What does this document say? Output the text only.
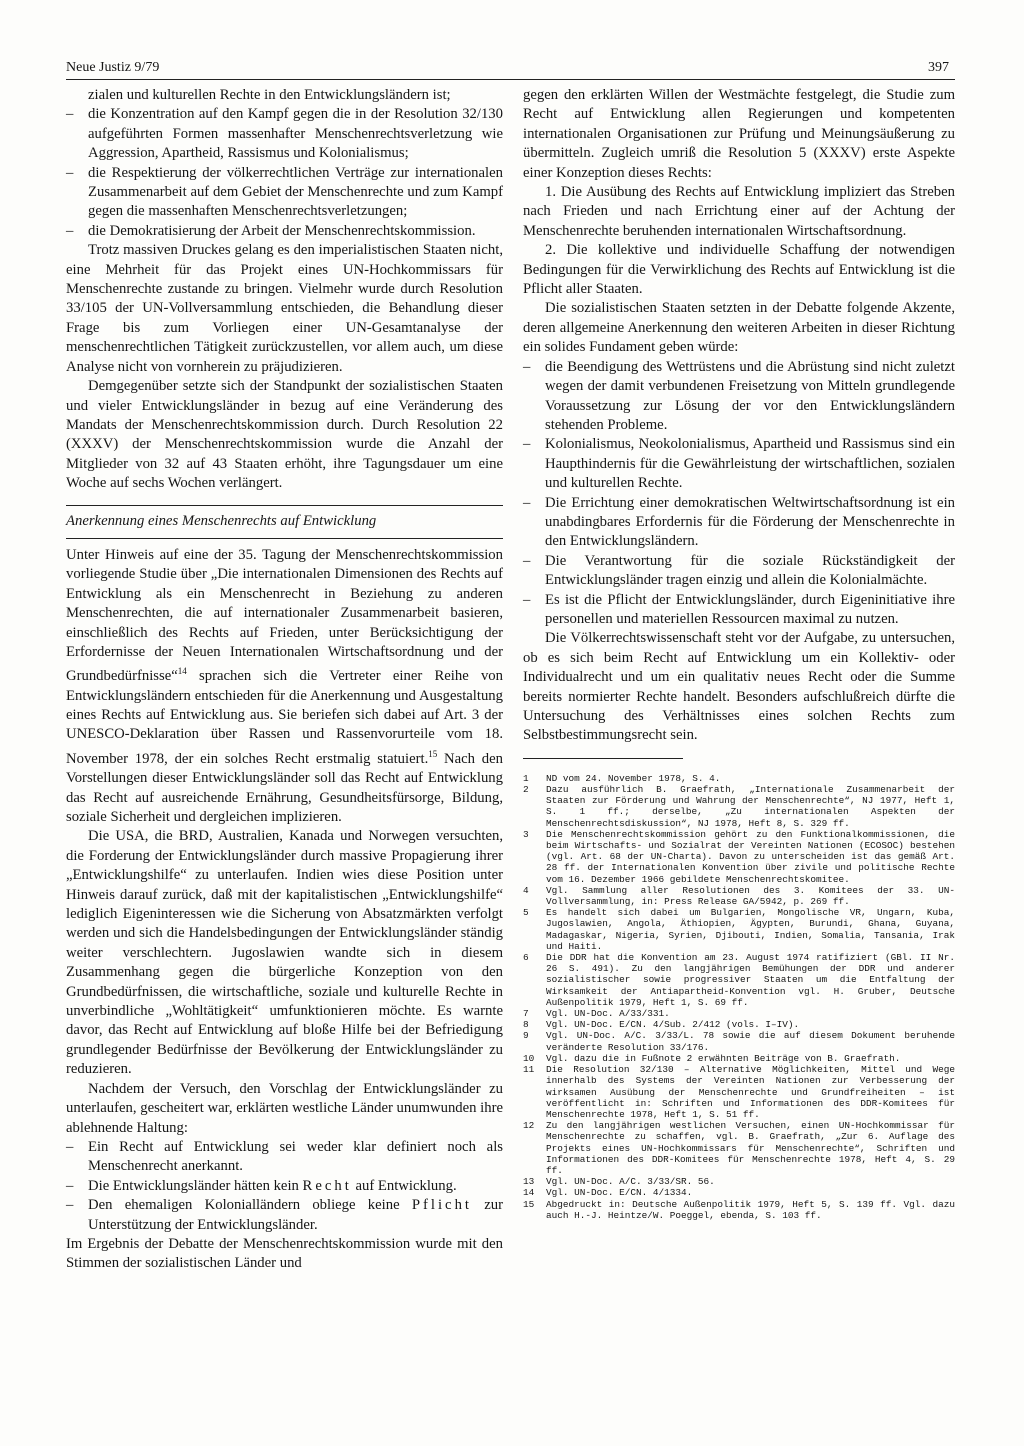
Neue Justiz 9/79	397

zialen und kulturellen Rechte in den Entwicklungsländern ist;

– die Konzentration auf den Kampf gegen die in der Resolution 32/130 aufgeführten Formen massenhafter Menschenrechtsverletzung wie Aggression, Apartheid, Rassismus und Kolonialismus;
– die Respektierung der völkerrechtlichen Verträge zur internationalen Zusammenarbeit auf dem Gebiet der Menschenrechte und zum Kampf gegen die massenhaften Menschenrechtsverletzungen;
– die Demokratisierung der Arbeit der Menschenrechtskommission.

Trotz massiven Druckes gelang es den imperialistischen Staaten nicht, eine Mehrheit für das Projekt eines UN-Hochkommissars für Menschenrechte zustande zu bringen. Vielmehr wurde durch Resolution 33/105 der UN-Vollversammlung entschieden, die Behandlung dieser Frage bis zum Vorliegen einer UN-Gesamtanalyse der menschenrechtlichen Tätigkeit zurückzustellen, vor allem auch, um diese Analyse nicht von vornherein zu präjudizieren.

Demgegenüber setzte sich der Standpunkt der sozialistischen Staaten und vieler Entwicklungsländer in bezug auf eine Veränderung des Mandats der Menschenrechtskommission durch. Durch Resolution 22 (XXXV) der Menschenrechtskommission wurde die Anzahl der Mitglieder von 32 auf 43 Staaten erhöht, ihre Tagungsdauer um eine Woche auf sechs Wochen verlängert.

Anerkennung eines Menschenrechts auf Entwicklung

Unter Hinweis auf eine der 35. Tagung der Menschenrechtskommission vorliegende Studie über „Die internationalen Dimensionen des Rechts auf Entwicklung als ein Menschenrecht in Beziehung zu anderen Menschenrechten, die auf internationaler Zusammenarbeit basieren, einschließlich des Rechts auf Frieden, unter Berücksichtigung der Erfordernisse der Neuen Internationalen Wirtschaftsordnung und der Grundbedürfnisse“$^{14}$ sprachen sich die Vertreter einer Reihe von Entwicklungsländern entschieden für die Anerkennung und Ausgestaltung eines Rechts auf Entwicklung aus. Sie beriefen sich dabei auf Art. 3 der UNESCO-Deklaration über Rassen und Rassenvorurteile vom 18. November 1978, der ein solches Recht erstmalig statuiert.$^{15}$ Nach den Vorstellungen dieser Entwicklungsländer soll das Recht auf Entwicklung das Recht auf ausreichende Ernährung, Gesundheitsfürsorge, Bildung, soziale Sicherheit und dergleichen implizieren.

Die USA, die BRD, Australien, Kanada und Norwegen versuchten, die Forderung der Entwicklungsländer durch massive Propagierung ihrer „Entwicklungshilfe“ zu unterlaufen. Indien wies diese Position unter Hinweis darauf zurück, daß mit der kapitalistischen „Entwicklungshilfe“ lediglich Eigeninteressen wie die Sicherung von Absatzmärkten verfolgt werden und sich die Handelsbedingungen der Entwicklungsländer ständig weiter verschlechtern. Jugoslawien wandte sich in diesem Zusammenhang gegen die bürgerliche Konzeption von den Grundbedürfnissen, die wirtschaftliche, soziale und kulturelle Rechte in unverbindliche „Wohltätigkeit“ umfunktionieren möchte. Es warnte davor, das Recht auf Entwicklung auf bloße Hilfe bei der Befriedigung grundlegender Bedürfnisse der Bevölkerung der Entwicklungsländer zu reduzieren.

Nachdem der Versuch, den Vorschlag der Entwicklungsländer zu unterlaufen, gescheitert war, erklärten westliche Länder unumwunden ihre ablehnende Haltung:

– Ein Recht auf Entwicklung sei weder klar definiert noch als Menschenrecht anerkannt.
– Die Entwicklungsländer hätten kein Recht auf Entwicklung.
– Den ehemaligen Kolonialländern obliege keine Pflicht zur Unterstützung der Entwicklungsländer.

Im Ergebnis der Debatte der Menschenrechtskommission wurde mit den Stimmen der sozialistischen Länder und

gegen den erklärten Willen der Westmächte festgelegt, die Studie zum Recht auf Entwicklung allen Regierungen und kompetenten internationalen Organisationen zur Prüfung und Meinungsäußerung zu übermitteln. Zugleich umriß die Resolution 5 (XXXV) erste Aspekte einer Konzeption dieses Rechts:

1. Die Ausübung des Rechts auf Entwicklung impliziert das Streben nach Frieden und nach Errichtung einer auf der Achtung der Menschenrechte beruhenden internationalen Wirtschaftsordnung.

2. Die kollektive und individuelle Schaffung der notwendigen Bedingungen für die Verwirklichung des Rechts auf Entwicklung ist die Pflicht aller Staaten.

Die sozialistischen Staaten setzten in der Debatte folgende Akzente, deren allgemeine Anerkennung den weiteren Arbeiten in dieser Richtung ein solides Fundament geben würde:

– die Beendigung des Wettrüstens und die Abrüstung sind nicht zuletzt wegen der damit verbundenen Freisetzung von Mitteln grundlegende Voraussetzung zur Lösung der vor den Entwicklungsländern stehenden Probleme.
– Kolonialismus, Neokolonialismus, Apartheid und Rassismus sind ein Haupthindernis für die Gewährleistung der wirtschaftlichen, sozialen und kulturellen Rechte.
– Die Errichtung einer demokratischen Weltwirtschaftsordnung ist ein unabdingbares Erfordernis für die Förderung der Menschenrechte in den Entwicklungsländern.
– Die Verantwortung für die soziale Rückständigkeit der Entwicklungsländer tragen einzig und allein die Kolonialmächte.
– Es ist die Pflicht der Entwicklungsländer, durch Eigeninitiative ihre personellen und materiellen Ressourcen maximal zu nutzen.

Die Völkerrechtswissenschaft steht vor der Aufgabe, zu untersuchen, ob es sich beim Recht auf Entwicklung um ein Kollektiv- oder Individualrecht und um ein qualitativ neues Recht oder die Summe bereits normierter Rechte handelt. Besonders aufschlußreich dürfte die Untersuchung des Verhältnisses eines solchen Rechts zum Selbstbestimmungsrecht sein.

1	ND vom 24. November 1978, S. 4.
2	Dazu ausführlich B. Graefrath, „Internationale Zusammenarbeit der Staaten zur Förderung und Wahrung der Menschenrechte“, NJ 1977, Heft 1, S. 1 ff.; derselbe, „Zu internationalen Aspekten der Menschenrechtsdiskussion“, NJ 1978, Heft 8, S. 329 ff.
3	Die Menschenrechtskommission gehört zu den Funktionalkommissionen, die beim Wirtschafts- und Sozialrat der Vereinten Nationen (ECOSOC) bestehen (vgl. Art. 68 der UN-Charta). Davon zu unterscheiden ist das gemäß Art. 28 ff. der Internationalen Konvention über zivile und politische Rechte vom 16. Dezember 1966 gebildete Menschenrechtskomitee.
4	Vgl. Sammlung aller Resolutionen des 3. Komitees der 33. UN-Vollversammlung, in: Press Release GA/5942, p. 269 ff.
5	Es handelt sich dabei um Bulgarien, Mongolische VR, Ungarn, Kuba, Jugoslawien, Angola, Äthiopien, Ägypten, Burundi, Ghana, Guyana, Madagaskar, Nigeria, Syrien, Djibouti, Indien, Somalia, Tansania, Irak und Haiti.
6	Die DDR hat die Konvention am 23. August 1974 ratifiziert (GBl. II Nr. 26 S. 491). Zu den langjährigen Bemühungen der DDR und anderer sozialistischer sowie progressiver Staaten um die Entfaltung der Wirksamkeit der Antiapartheid-Konvention vgl. H. Gruber, Deutsche Außenpolitik 1979, Heft 1, S. 69 ff.
7	Vgl. UN-Doc. A/33/331.
8	Vgl. UN-Doc. E/CN. 4/Sub. 2/412 (vols. I–IV).
9	Vgl. UN-Doc. A/C. 3/33/L. 78 sowie die auf diesem Dokument beruhende veränderte Resolution 33/176.
10	Vgl. dazu die in Fußnote 2 erwähnten Beiträge von B. Graefrath.
11	Die Resolution 32/130 – Alternative Möglichkeiten, Mittel und Wege innerhalb des Systems der Vereinten Nationen zur Verbesserung der wirksamen Ausübung der Menschenrechte und Grundfreiheiten – ist veröffentlicht in: Schriften und Informationen des DDR-Komitees für Menschenrechte 1978, Heft 1, S. 51 ff.
12	Zu den langjährigen westlichen Versuchen, einen UN-Hochkommissar für Menschenrechte zu schaffen, vgl. B. Graefrath, „Zur 6. Auflage des Projekts eines UN-Hochkommissars für Menschenrechte“, Schriften und Informationen des DDR-Komitees für Menschenrechte 1978, Heft 4, S. 29 ff.
13	Vgl. UN-Doc. A/C. 3/33/SR. 56.
14	Vgl. UN-Doc. E/CN. 4/1334.
15	Abgedruckt in: Deutsche Außenpolitik 1979, Heft 5, S. 139 ff. Vgl. dazu auch H.-J. Heintze/W. Poeggel, ebenda, S. 103 ff.
